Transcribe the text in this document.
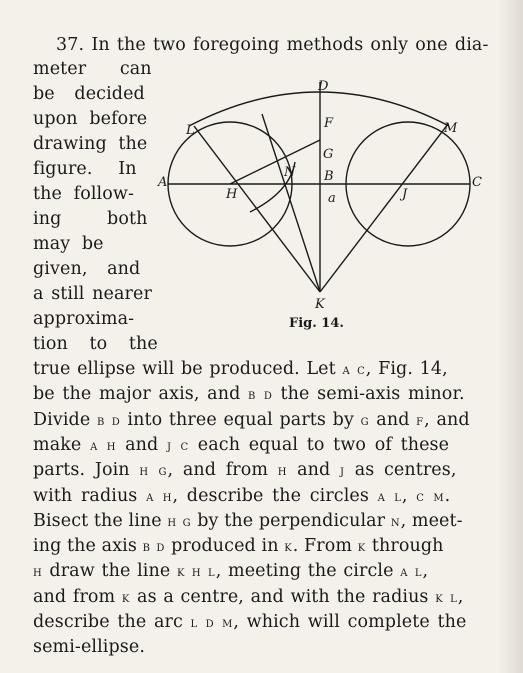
37. In the two foregoing methods only one dia-
meter can
be decided
upon before
drawing the
figure. In
the follow-
ing both
may be
given, and
a still nearer
approxima-
tion to the
D
F
G
N B
a
A
H	J
C
L	M
K
Fig. 14.
true ellipse will be produced. Let a c, Fig. 14,
be the major axis, and b d the semi-axis minor.
Divide b d into three equal parts by g and f, and
make a h and j c each equal to two of these
parts. Join h g, and from h and j as centres,
with radius a h, describe the circles a l, c m.
Bisect the line h g by the perpendicular n, meet-
ing the axis b d produced in k. From k through
h draw the line k h l, meeting the circle a l,
and from k as a centre, and with the radius k l,
describe the arc l d m, which will complete the
semi-ellipse.
